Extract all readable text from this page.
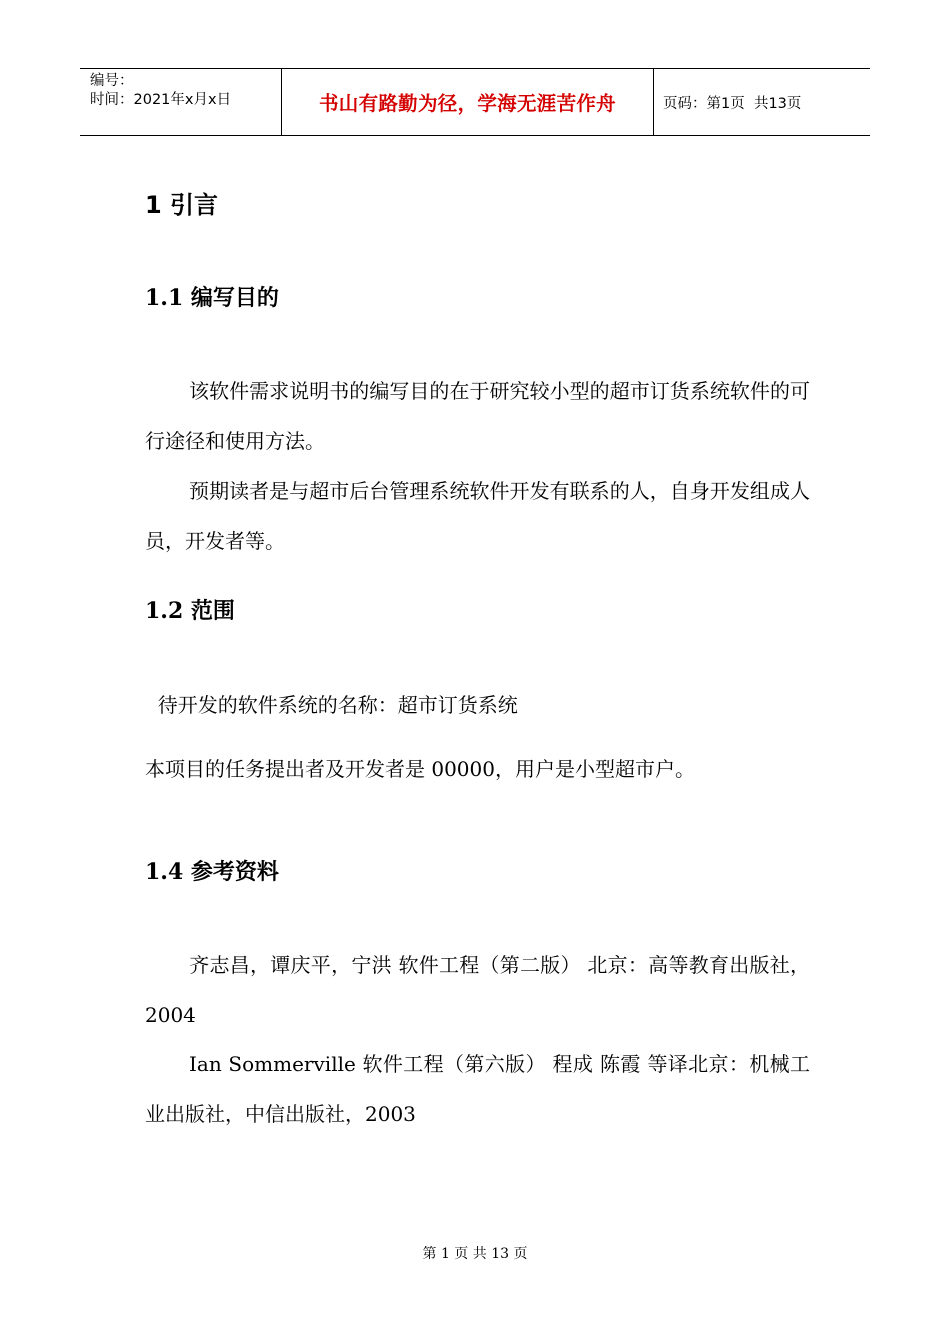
编号：
时间：2021年x月x日	书山有路勤为径，学海无涯苦作舟	页码：第1页  共13页
1 引言
1.1 编写目的

该软件需求说明书的编写目的在于研究较小型的超市订货系统软件的可行途径和使用方法。

预期读者是与超市后台管理系统软件开发有联系的人，自身开发组成人员，开发者等。

1.2 范围
待开发的软件系统的名称：超市订货系统
本项目的任务提出者及开发者是 00000，用户是小型超市户。
1.4 参考资料

齐志昌，谭庆平，宁洪 软件工程（第二版） 北京：高等教育出版社，2004

Ian Sommerville 软件工程（第六版） 程成 陈霞 等译北京：机械工业出版社，中信出版社，2003

第 1 页 共 13 页
